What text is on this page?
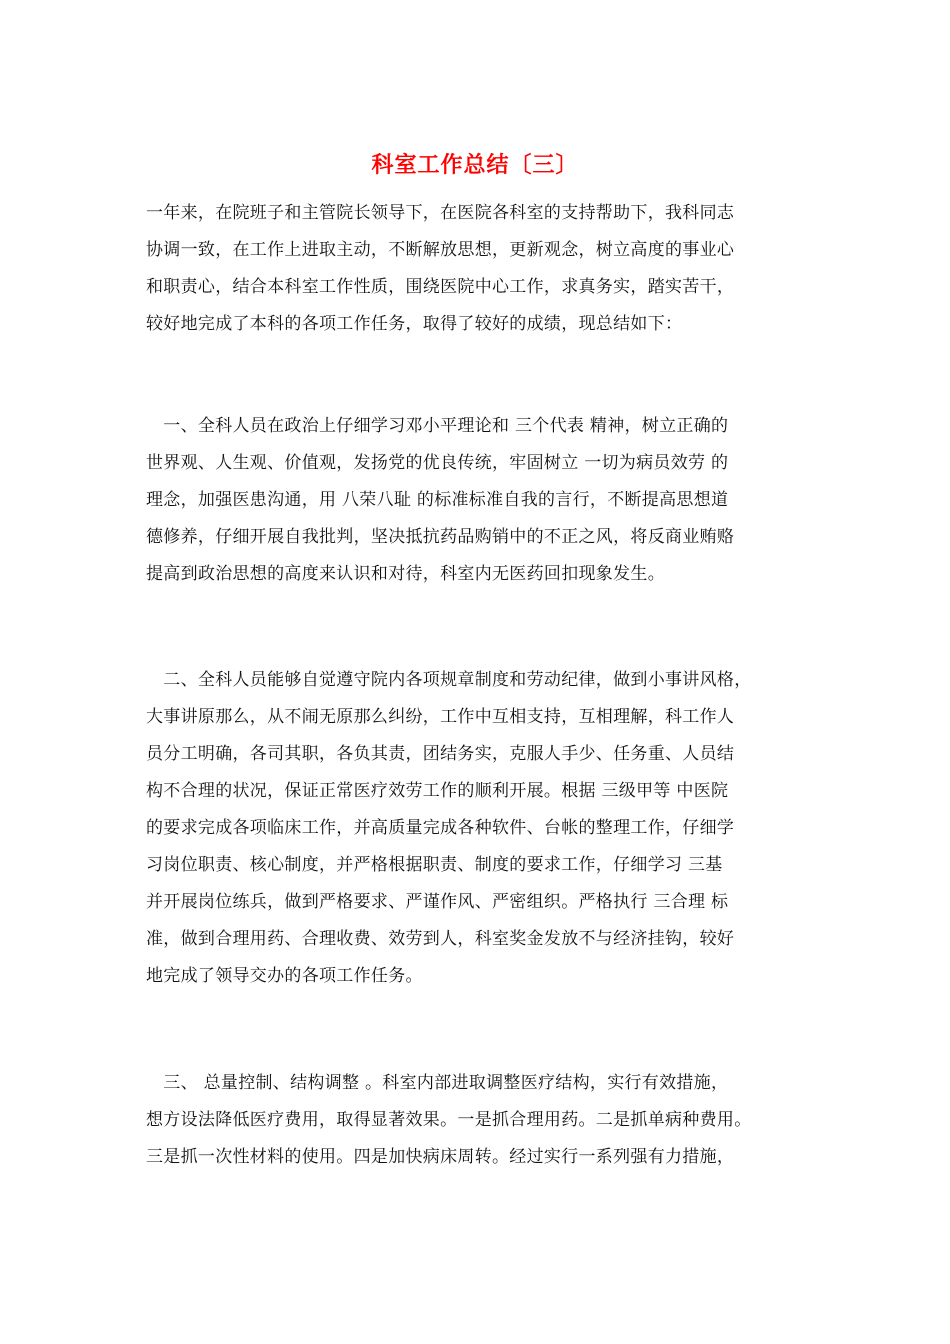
科室工作总结〔三〕
一年来，在院班子和主管院长领导下，在医院各科室的支持帮助下，我科同志
协调一致，在工作上进取主动，不断解放思想，更新观念，树立高度的事业心
和职责心，结合本科室工作性质，围绕医院中心工作，求真务实，踏实苦干，
较好地完成了本科的各项工作任务，取得了较好的成绩，现总结如下：
　一、全科人员在政治上仔细学习邓小平理论和 三个代表 精神，树立正确的
世界观、人生观、价值观，发扬党的优良传统，牢固树立 一切为病员效劳 的
理念，加强医患沟通，用 八荣八耻 的标准标准自我的言行，不断提高思想道
德修养，仔细开展自我批判，坚决抵抗药品购销中的不正之风，将反商业贿赂
提高到政治思想的高度来认识和对待，科室内无医药回扣现象发生。
　二、全科人员能够自觉遵守院内各项规章制度和劳动纪律，做到小事讲风格，
大事讲原那么，从不闹无原那么纠纷，工作中互相支持，互相理解，科工作人
员分工明确，各司其职，各负其责，团结务实，克服人手少、任务重、人员结
构不合理的状况，保证正常医疗效劳工作的顺利开展。根据 三级甲等 中医院
的要求完成各项临床工作，并高质量完成各种软件、台帐的整理工作，仔细学
习岗位职责、核心制度，并严格根据职责、制度的要求工作，仔细学习 三基
并开展岗位练兵，做到严格要求、严谨作风、严密组织。严格执行 三合理 标
准，做到合理用药、合理收费、效劳到人，科室奖金发放不与经济挂钩，较好
地完成了领导交办的各项工作任务。
　三、 总量控制、结构调整 。科室内部进取调整医疗结构，实行有效措施，
想方设法降低医疗费用，取得显著效果。一是抓合理用药。二是抓单病种费用。
三是抓一次性材料的使用。四是加快病床周转。经过实行一系列强有力措施，
